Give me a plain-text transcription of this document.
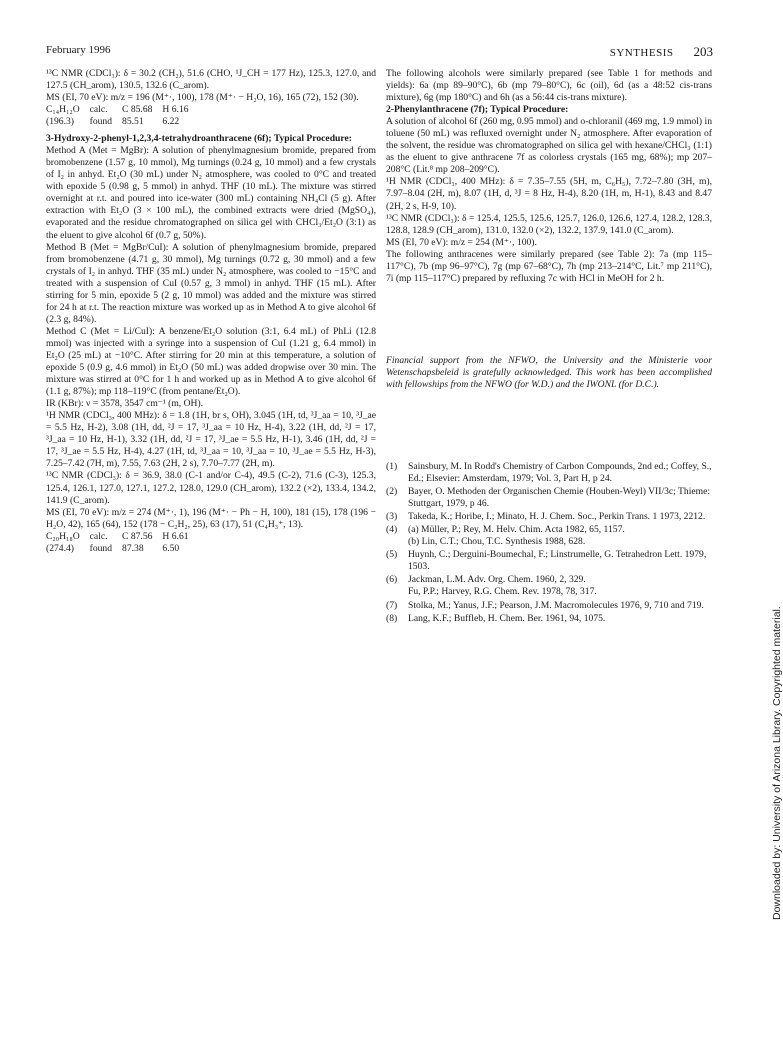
February 1996	SYNTHESIS 203

¹³C NMR (CDCl₃): δ = 30.2 (CH₂), 51.6 (CHO, ¹J_CH = 177 Hz), 125.3, 127.0, and 127.5 (CH_arom), 130.5, 132.6 (C_arom).

MS (EI, 70 eV): m/z = 196 (M⁺·, 100), 178 (M⁺· − H₂O, 16), 165 (72), 152 (30).

C₁₄H₁₂O	calc.	C 85.68	H 6.16
(196.3)	found	85.51	6.22

3-Hydroxy-2-phenyl-1,2,3,4-tetrahydroanthracene (6f); Typical Procedure:

Method A (Met = MgBr): A solution of phenylmagnesium bromide, prepared from bromobenzene (1.57 g, 10 mmol), Mg turnings (0.24 g, 10 mmol) and a few crystals of I₂ in anhyd. Et₂O (30 mL) under N₂ atmosphere, was cooled to 0°C and treated with epoxide 5 (0.98 g, 5 mmol) in anhyd. THF (10 mL). The mixture was stirred overnight at r.t. and poured into ice-water (300 mL) containing NH₄Cl (5 g). After extraction with Et₂O (3 × 100 mL), the combined extracts were dried (MgSO₄), evaporated and the residue chromatographed on silica gel with CHCl₃/Et₂O (3:1) as the eluent to give alcohol 6f (0.7 g, 50%).

Method B (Met = MgBr/CuI): A solution of phenylmagnesium bromide, prepared from bromobenzene (4.71 g, 30 mmol), Mg turnings (0.72 g, 30 mmol) and a few crystals of I₂ in anhyd. THF (35 mL) under N₂ atmosphere, was cooled to −15°C and treated with a suspension of CuI (0.57 g, 3 mmol) in anhyd. THF (15 mL). After stirring for 5 min, epoxide 5 (2 g, 10 mmol) was added and the mixture was stirred for 24 h at r.t. The reaction mixture was worked up as in Method A to give alcohol 6f (2.3 g, 84%).

Method C (Met = Li/CuI): A benzene/Et₂O solution (3:1, 6.4 mL) of PhLi (12.8 mmol) was injected with a syringe into a suspension of CuI (1.21 g, 6.4 mmol) in Et₂O (25 mL) at −10°C. After stirring for 20 min at this temperature, a solution of epoxide 5 (0.9 g, 4.6 mmol) in Et₂O (50 mL) was added dropwise over 30 min. The mixture was stirred at 0°C for 1 h and worked up as in Method A to give alcohol 6f (1.1 g, 87%); mp 118–119°C (from pentane/Et₂O).

IR (KBr): ν = 3578, 3547 cm⁻¹ (m, OH).

¹H NMR (CDCl₃, 400 MHz): δ = 1.8 (1H, br s, OH), 3.045 (1H, td, ³J_aa = 10, ³J_ae = 5.5 Hz, H-2), 3.08 (1H, dd, ²J = 17, ³J_aa = 10 Hz, H-4), 3.22 (1H, dd, ²J = 17, ³J_aa = 10 Hz, H-1), 3.32 (1H, dd, ²J = 17, ³J_ae = 5.5 Hz, H-1), 3.46 (1H, dd, ²J = 17, ³J_ae = 5.5 Hz, H-4), 4.27 (1H, td, ³J_aa = 10, ³J_aa = 10, ³J_ae = 5.5 Hz, H-3), 7.25–7.42 (7H, m), 7.55, 7.63 (2H, 2 s), 7.70–7.77 (2H, m).

¹³C NMR (CDCl₃): δ = 36.9, 38.0 (C-1 and/or C-4), 49.5 (C-2), 71.6 (C-3), 125.3, 125.4, 126.1, 127.0, 127.1, 127.2, 128.0, 129.0 (CH_arom), 132.2 (×2), 133.4, 134.2, 141.9 (C_arom).

MS (EI, 70 eV): m/z = 274 (M⁺·, 1), 196 (M⁺· − Ph − H, 100), 181 (15), 178 (196 − H₂O, 42), 165 (64), 152 (178 − C₂H₂, 25), 63 (17), 51 (C₄H₃⁺, 13).

C₂₀H₁₈O	calc.	C 87.56	H 6.61
(274.4)	found	87.38	6.50

The following alcohols were similarly prepared (see Table 1 for methods and yields): 6a (mp 89–90°C), 6b (mp 79–80°C), 6c (oil), 6d (as a 48:52 cis-trans mixture), 6g (mp 180°C) and 6h (as a 56:44 cis-trans mixture).

2-Phenylanthracene (7f); Typical Procedure:

A solution of alcohol 6f (260 mg, 0.95 mmol) and o-chloranil (469 mg, 1.9 mmol) in toluene (50 mL) was refluxed overnight under N₂ atmosphere. After evaporation of the solvent, the residue was chromatographed on silica gel with hexane/CHCl₃ (1:1) as the eluent to give anthracene 7f as colorless crystals (165 mg, 68%); mp 207–208°C (Lit.⁸ mp 208–209°C).

¹H NMR (CDCl₃, 400 MHz): δ = 7.35–7.55 (5H, m, C₆H₅), 7.72–7.80 (3H, m), 7.97–8.04 (2H, m), 8.07 (1H, d, ³J = 8 Hz, H-4), 8.20 (1H, m, H-1), 8.43 and 8.47 (2H, 2 s, H-9, 10).

¹³C NMR (CDCl₃): δ = 125.4, 125.5, 125.6, 125.7, 126.0, 126.6, 127.4, 128.2, 128.3, 128.8, 128.9 (CH_arom), 131.0, 132.0 (×2), 132.2, 137.9, 141.0 (C_arom).

MS (EI, 70 eV): m/z = 254 (M⁺·, 100).

The following anthracenes were similarly prepared (see Table 2): 7a (mp 115–117°C), 7b (mp 96–97°C), 7g (mp 67–68°C), 7h (mp 213–214°C, Lit.⁷ mp 211°C), 7i (mp 115–117°C) prepared by refluxing 7c with HCl in MeOH for 2 h.

Financial support from the NFWO, the University and the Ministerie voor Wetenschapsbeleid is gratefully acknowledged. This work has been accomplished with fellowships from the NFWO (for W.D.) and the IWONL (for D.C.).

(1)	Sainsbury, M. In Rodd's Chemistry of Carbon Compounds, 2nd ed.; Coffey, S., Ed.; Elsevier: Amsterdam, 1979; Vol. 3, Part H, p 24.
(2)	Bayer, O. Methoden der Organischen Chemie (Houben-Weyl) VII/3c; Thieme: Stuttgart, 1979, p 46.
(3)	Takeda, K.; Horibe, I.; Minato, H. J. Chem. Soc., Perkin Trans. 1 1973, 2212.
(4)	(a) Müller, P.; Rey, M. Helv. Chim. Acta 1982, 65, 1157.
(b) Lin, C.T.; Chou, T.C. Synthesis 1988, 628.
(5)	Huynh, C.; Derguini-Boumechal, F.; Linstrumelle, G. Tetrahedron Lett. 1979, 1503.
(6)	Jackman, L.M. Adv. Org. Chem. 1960, 2, 329.
Fu, P.P.; Harvey, R.G. Chem. Rev. 1978, 78, 317.
(7)	Stolka, M.; Yanus, J.F.; Pearson, J.M. Macromolecules 1976, 9, 710 and 719.
(8)	Lang, K.F.; Buffleb, H. Chem. Ber. 1961, 94, 1075.	Downloaded by: University of Arizona Library. Copyrighted material.
